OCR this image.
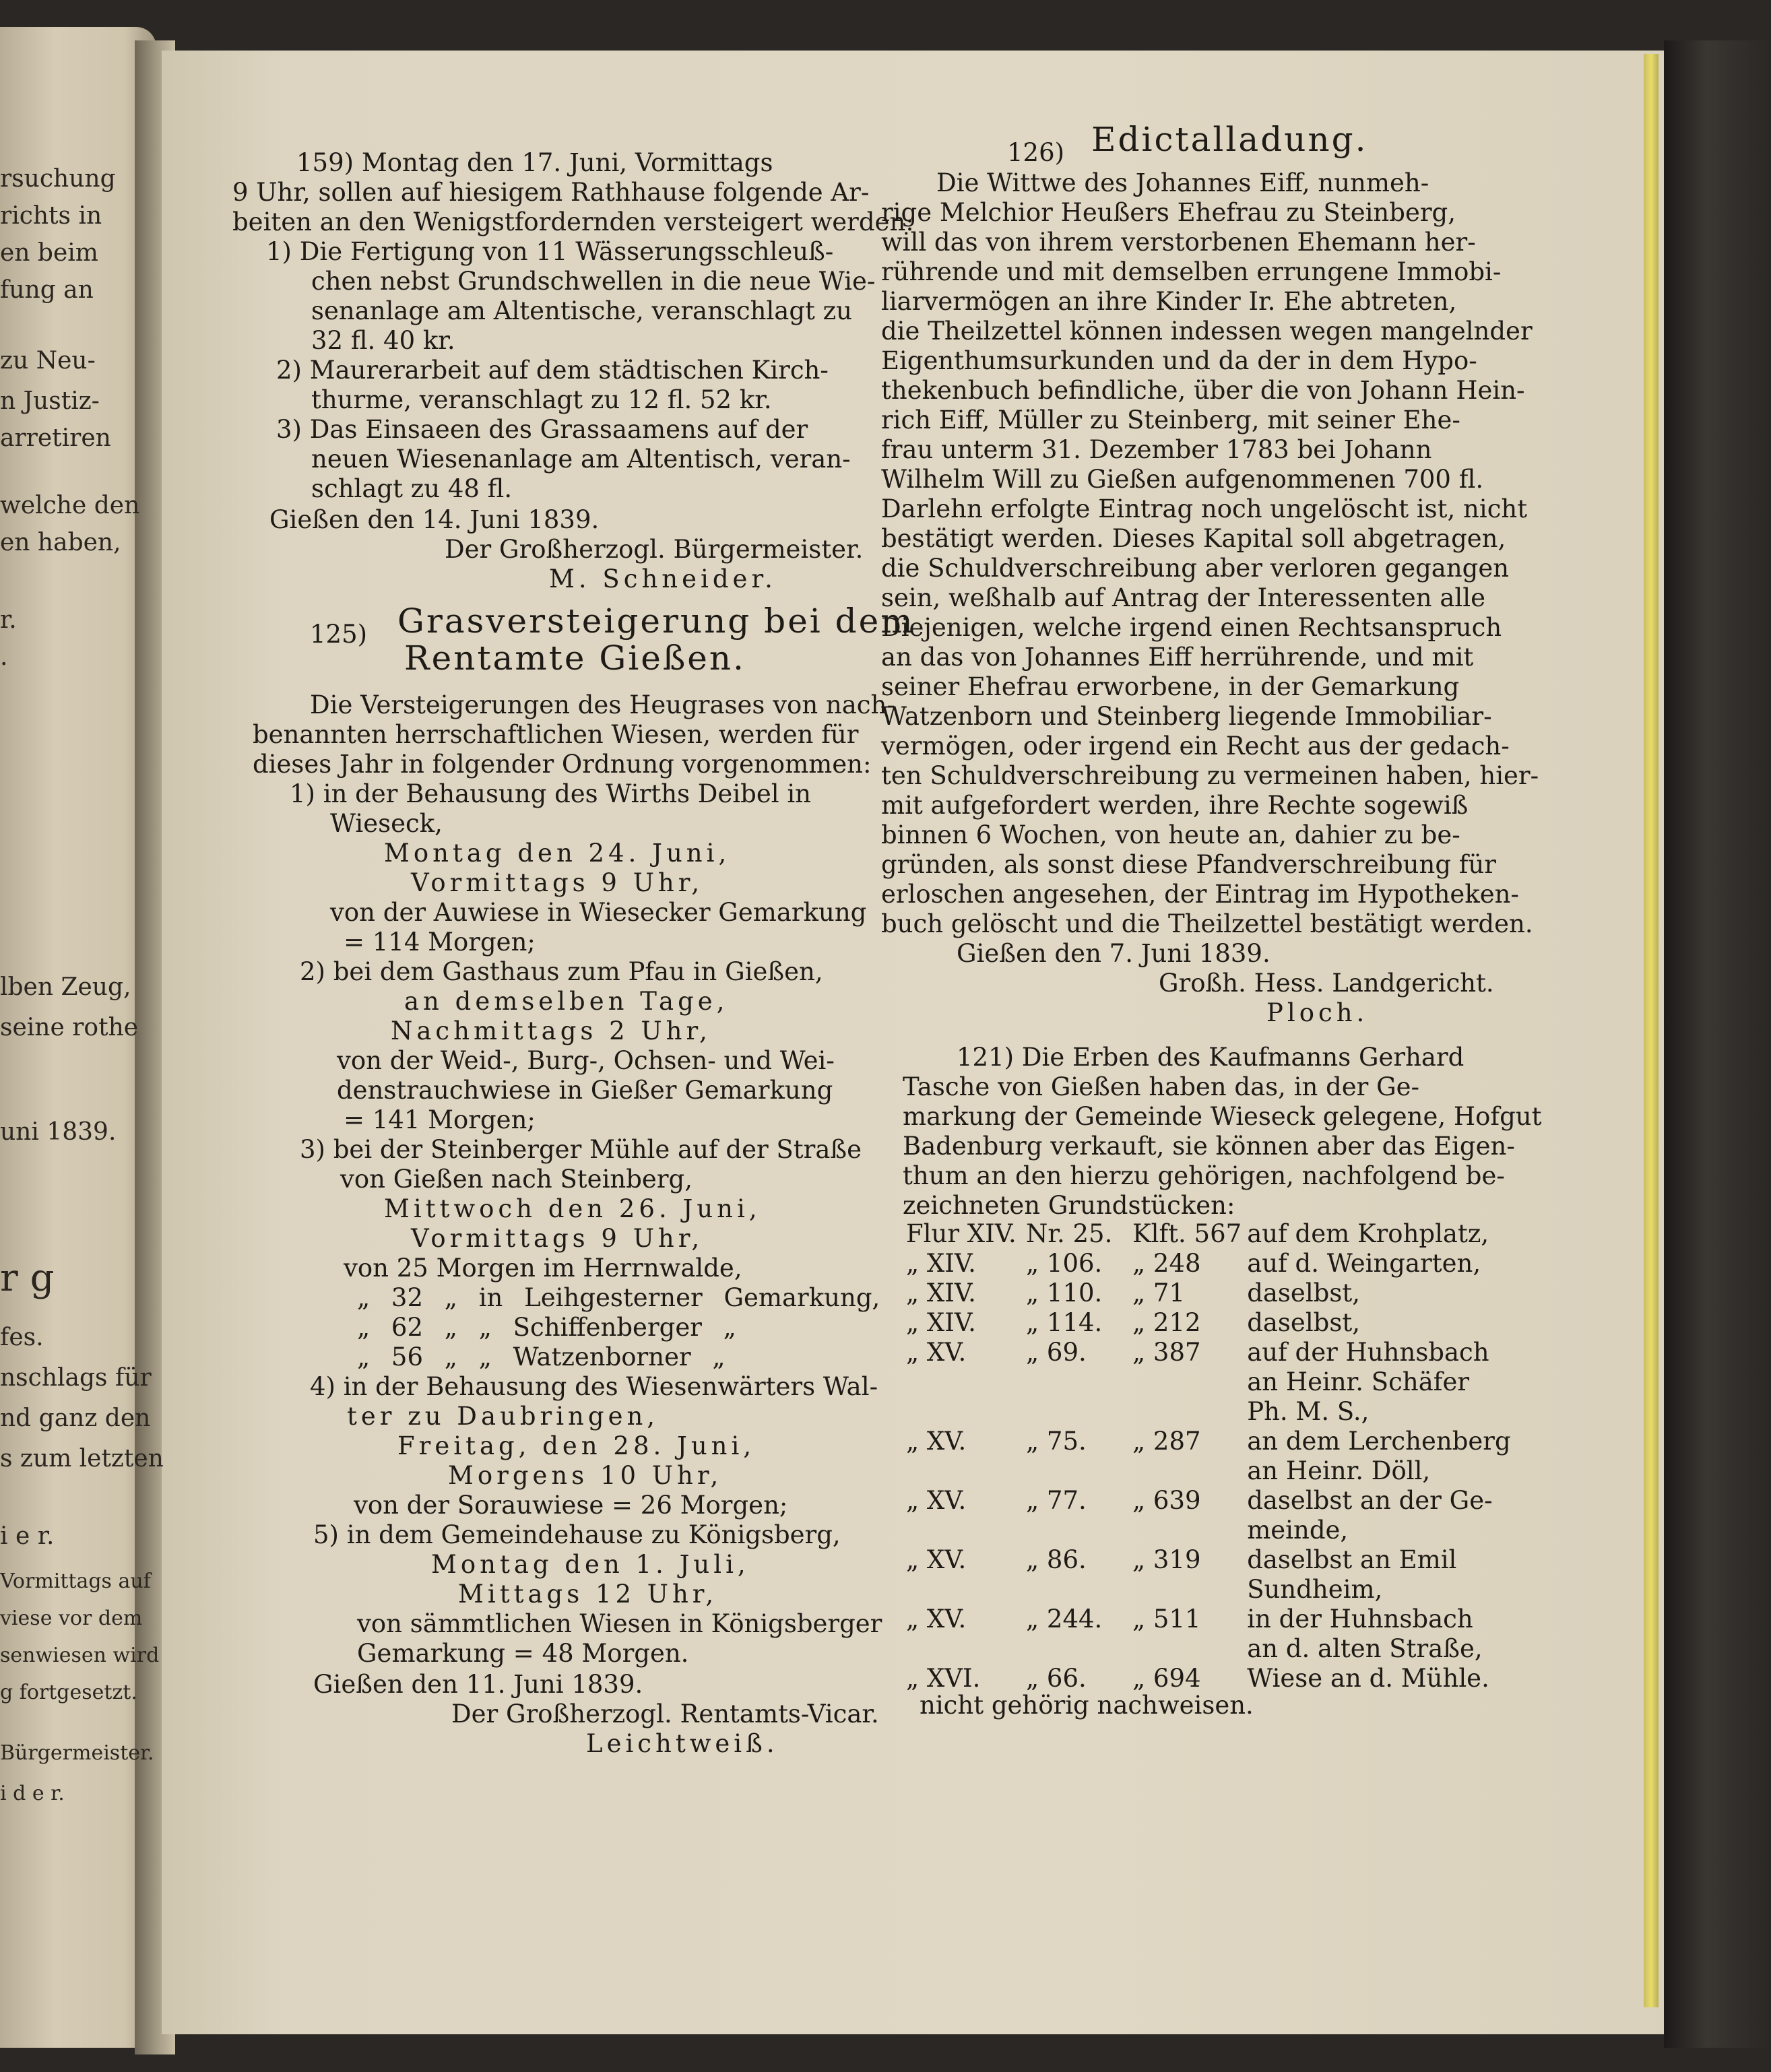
rsuchung
richts in
en beim
fung an
zu Neu-
n Justiz-
arretiren
welche den
en haben,
r.
.
lben Zeug,
seine rothe
uni 1839.
r g
fes.
nschlags für
nd ganz den
s zum letzten
i e r.
Vormittags auf
viese vor dem
senwiesen wird
g fortgesetzt.
Bürgermeister.
i d e r.
159) Montag den 17. Juni, Vormittags
9 Uhr, sollen auf hiesigem Rathhause folgende Ar-
beiten an den Wenigstfordernden versteigert werden:
1) Die Fertigung von 11 Wässerungsschleuß-
chen nebst Grundschwellen in die neue Wie-
senanlage am Altentische, veranschlagt zu
32 fl. 40 kr.
2) Maurerarbeit auf dem städtischen Kirch-
thurme, veranschlagt zu 12 fl. 52 kr.
3) Das Einsaeen des Grassaamens auf der
neuen Wiesenanlage am Altentisch, veran-
schlagt zu 48 fl.
Gießen den 14. Juni 1839.
Der Großherzogl. Bürgermeister.
M. Schneider.
125) Grasversteigerung bei dem
Rentamte Gießen.
Die Versteigerungen des Heugrases von nach-
benannten herrschaftlichen Wiesen, werden für
dieses Jahr in folgender Ordnung vorgenommen:
1) in der Behausung des Wirths Deibel in
Wieseck,
Montag den 24. Juni,
Vormittags 9 Uhr,
von der Auwiese in Wiesecker Gemarkung
= 114 Morgen;
2) bei dem Gasthaus zum Pfau in Gießen,
an demselben Tage,
Nachmittags 2 Uhr,
von der Weid-, Burg-, Ochsen- und Wei-
denstrauchwiese in Gießer Gemarkung
= 141 Morgen;
3) bei der Steinberger Mühle auf der Straße
von Gießen nach Steinberg,
Mittwoch den 26. Juni,
Vormittags 9 Uhr,
von 25 Morgen im Herrnwalde,
„ 32 „ in Leihgesterner Gemarkung,
„ 62 „ „ Schiffenberger „
„ 56 „ „ Watzenborner „
4) in der Behausung des Wiesenwärters Wal-
ter zu Daubringen,
Freitag, den 28. Juni,
Morgens 10 Uhr,
von der Sorauwiese = 26 Morgen;
5) in dem Gemeindehause zu Königsberg,
Montag den 1. Juli,
Mittags 12 Uhr,
von sämmtlichen Wiesen in Königsberger
Gemarkung = 48 Morgen.
Gießen den 11. Juni 1839.
Der Großherzogl. Rentamts-Vicar.
Leichtweiß.
126) Edictalladung.
Die Wittwe des Johannes Eiff, nunmeh-
rige Melchior Heußers Ehefrau zu Steinberg,
will das von ihrem verstorbenen Ehemann her-
rührende und mit demselben errungene Immobi-
liarvermögen an ihre Kinder Ir. Ehe abtreten,
die Theilzettel können indessen wegen mangelnder
Eigenthumsurkunden und da der in dem Hypo-
thekenbuch befindliche, über die von Johann Hein-
rich Eiff, Müller zu Steinberg, mit seiner Ehe-
frau unterm 31. Dezember 1783 bei Johann
Wilhelm Will zu Gießen aufgenommenen 700 fl.
Darlehn erfolgte Eintrag noch ungelöscht ist, nicht
bestätigt werden. Dieses Kapital soll abgetragen,
die Schuldverschreibung aber verloren gegangen
sein, weßhalb auf Antrag der Interessenten alle
Diejenigen, welche irgend einen Rechtsanspruch
an das von Johannes Eiff herrührende, und mit
seiner Ehefrau erworbene, in der Gemarkung
Watzenborn und Steinberg liegende Immobiliar-
vermögen, oder irgend ein Recht aus der gedach-
ten Schuldverschreibung zu vermeinen haben, hier-
mit aufgefordert werden, ihre Rechte sogewiß
binnen 6 Wochen, von heute an, dahier zu be-
gründen, als sonst diese Pfandverschreibung für
erloschen angesehen, der Eintrag im Hypotheken-
buch gelöscht und die Theilzettel bestätigt werden.
Gießen den 7. Juni 1839.
Großh. Hess. Landgericht.
Ploch.
121) Die Erben des Kaufmanns Gerhard
Tasche von Gießen haben das, in der Ge-
markung der Gemeinde Wieseck gelegene, Hofgut
Badenburg verkauft, sie können aber das Eigen-
thum an den hierzu gehörigen, nachfolgend be-
zeichneten Grundstücken:
Flur XIV.	Nr. 25.	Klft. 567	auf dem Krohplatz,
„ XIV.	„ 106.	„ 248	auf d. Weingarten,
„ XIV.	„ 110.	„ 71	daselbst,
„ XIV.	„ 114.	„ 212	daselbst,
„ XV.	„ 69.	„ 387	auf der Huhnsbach
			an Heinr. Schäfer
			Ph. M. S.,
„ XV.	„ 75.	„ 287	an dem Lerchenberg
			an Heinr. Döll,
„ XV.	„ 77.	„ 639	daselbst an der Ge-
			meinde,
„ XV.	„ 86.	„ 319	daselbst an Emil
			Sundheim,
„ XV.	„ 244.	„ 511	in der Huhnsbach
			an d. alten Straße,
„ XVI.	„ 66.	„ 694	Wiese an d. Mühle.
nicht gehörig nachweisen.
